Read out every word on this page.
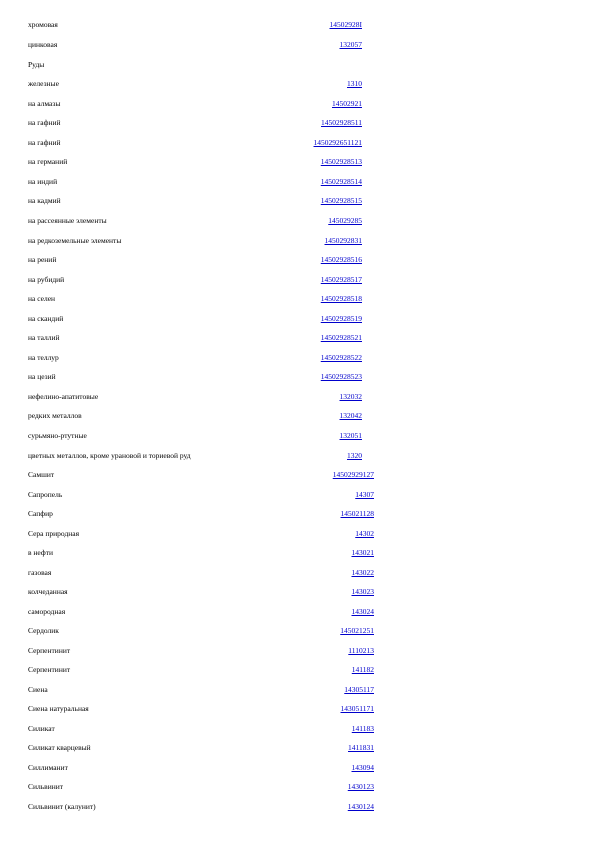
хромовая	14502928I
цинковая	132057
Руды
железные	1310
на алмазы	14502921
на гафний	14502928511
на гафний	1450292651121
на германий	14502928513
на индий	14502928514
на кадмий	14502928515
на рассеянные элементы	145029285
на редкоземельные элементы	1450292831
на рений	14502928516
на рубидий	14502928517
на селен	14502928518
на скандий	14502928519
на таллий	14502928521
на теллур	14502928522
на цезий	14502928523
нефелино-апатитовые	132032
редких металлов	132042
сурьмяно-ртутные	132051
цветных металлов, кроме урановой и ториевой руд	1320
Самшит	14502929127
Сапропель	14307
Сапфир	145021128
Сера природная	14302
в нефти	143021
газовая	143022
колчеданная	143023
самородная	143024
Сердолик	145021251
Серпентинит	1110213
Серпентинит	141182
Сиена	14305117
Сиена натуральная	143051171
Силикат	141183
Силикат кварцевый	1411831
Силлиманит	143094
Сильвинит	1430123
Сильвинит (калунит)	1430124
